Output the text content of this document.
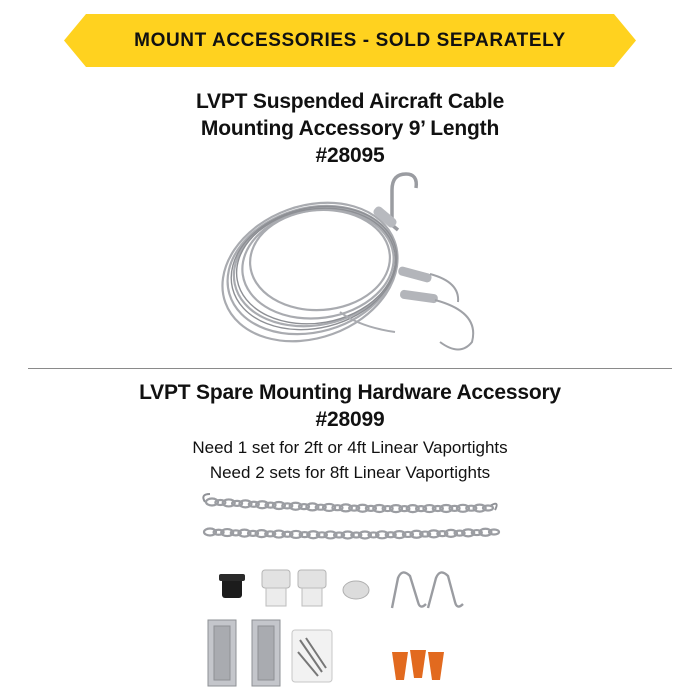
MOUNT ACCESSORIES - SOLD SEPARATELY
LVPT Suspended Aircraft Cable
Mounting Accessory 9’ Length
#28095
LVPT Spare Mounting Hardware Accessory
#28099
Need 1 set for 2ft or 4ft Linear Vaportights
Need 2 sets for 8ft Linear Vaportights
